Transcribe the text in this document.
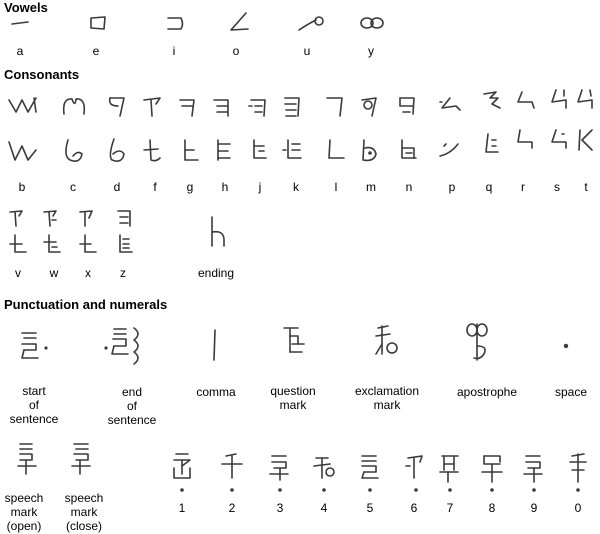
Vowels
Consonants
Punctuation and numerals
a	e	i	o	u	y
b	c	d	f	g	h	j	k	l	m	n	p	q	r	s	t
v	w	x	z	ending
start
of
sentence
end
of
sentence
comma	question
mark
exclamation
mark
apostrophe	space
speech
mark
(open)
speech
mark
(close)
1	2	3	4	5	6	7	8	9	0
